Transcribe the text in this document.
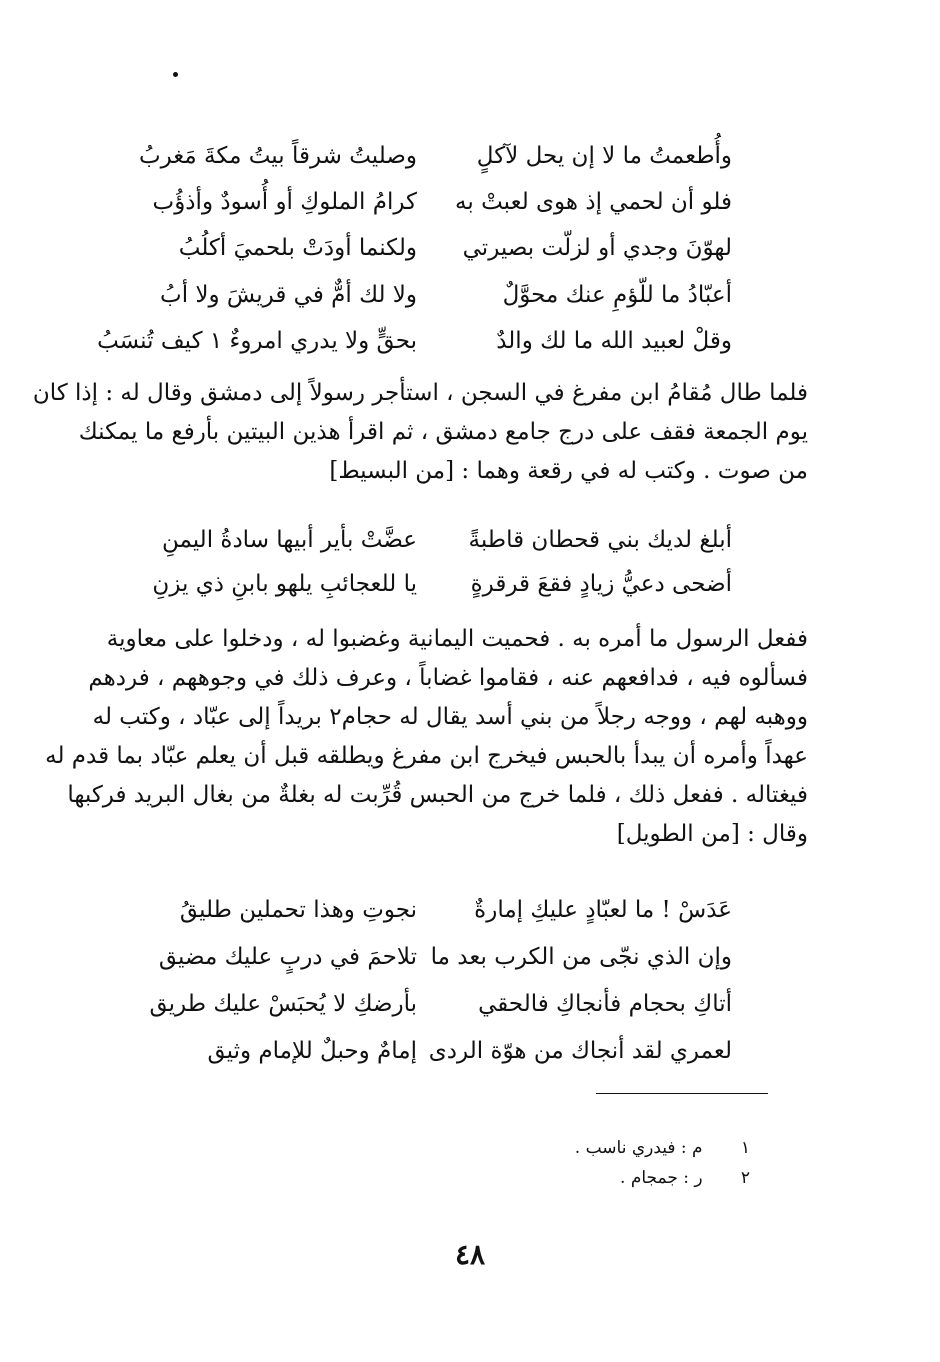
وأُطعمتُ ما لا إن يحل لآكلٍ
وصليتُ شرقاً بيتُ مكةَ مَغربُ
فلو أن لحمي إذ هوى لعبتْ به
كرامُ الملوكِ أو أُسودٌ وأذؤُب
لهوّنَ وجدي أو لزلّت بصيرتي
ولكنما أودَتْ بلحميَ أكلُبُ
أعبّادُ ما للّؤمِ عنك محوَّلٌ
ولا لك أمٌّ في قريشَ ولا أبُ
وقلْ لعبيد الله ما لك والدٌ
بحقٍّ ولا يدري امروءٌ ١ كيف تُنسَبُ
فلما طال مُقامُ ابن مفرغ في السجن ، استأجر رسولاً إلى دمشق وقال له : إذا كان
يوم الجمعة فقف على درج جامع دمشق ، ثم اقرأ هذين البيتين بأرفع ما يمكنك
من صوت . وكتب له في رقعة وهما : [من البسيط]
أبلغ لديك بني قحطان قاطبةً
عضَّتْ بأير أبيها سادةُ اليمنِ
أضحى دعيُّ زيادٍ فقعَ قرقرةٍ
يا للعجائبِ يلهو بابنِ ذي يزنِ
ففعل الرسول ما أمره به . فحميت اليمانية وغضبوا له ، ودخلوا على معاوية
فسألوه فيه ، فدافعهم عنه ، فقاموا غضاباً ، وعرف ذلك في وجوههم ، فردهم
ووهبه لهم ، ووجه رجلاً من بني أسد يقال له حجام٢ بريداً إلى عبّاد ، وكتب له
عهداً وأمره أن يبدأ بالحبس فيخرج ابن مفرغ ويطلقه قبل أن يعلم عبّاد بما قدم له
فيغتاله . ففعل ذلك ، فلما خرج من الحبس قُرِّبت له بغلةٌ من بغال البريد فركبها
وقال : [من الطويل]
عَدَسْ ! ما لعبّادٍ عليكِ إمارةٌ
نجوتِ وهذا تحملين طليقُ
وإن الذي نجّى من الكرب بعد ما
تلاحمَ في دربٍ عليك مضيق
أتاكِ بحجام فأنجاكِ فالحقي
بأرضكِ لا يُحبَسْ عليك طريق
لعمري لقد أنجاك من هوّة الردى
إمامٌ وحبلٌ للإمام وثيق
١ م : فيدري ناسب .
٢ ر : جمجام .
٤٨
